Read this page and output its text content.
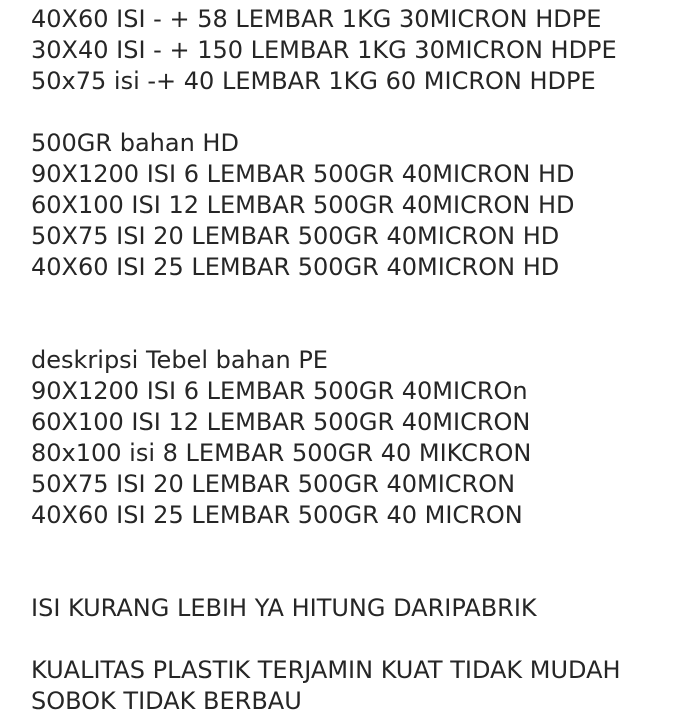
40X60 ISI - + 58 LEMBAR 1KG 30MICRON HDPE
30X40 ISI - + 150 LEMBAR 1KG 30MICRON HDPE
50x75 isi -+ 40 LEMBAR 1KG 60 MICRON HDPE
500GR bahan HD
90X1200 ISI 6 LEMBAR 500GR 40MICRON HD
60X100 ISI 12 LEMBAR 500GR 40MICRON HD
50X75 ISI 20 LEMBAR 500GR 40MICRON HD
40X60 ISI 25 LEMBAR 500GR 40MICRON HD
deskripsi Tebel bahan PE
90X1200 ISI 6 LEMBAR 500GR 40MICROn
60X100 ISI 12 LEMBAR 500GR 40MICRON
80x100 isi 8 LEMBAR 500GR 40 MIKCRON
50X75 ISI 20 LEMBAR 500GR 40MICRON
40X60 ISI 25 LEMBAR 500GR 40 MICRON
ISI KURANG LEBIH YA HITUNG DARIPABRIK
KUALITAS PLASTIK TERJAMIN KUAT TIDAK MUDAH
SOBOK TIDAK BERBAU
